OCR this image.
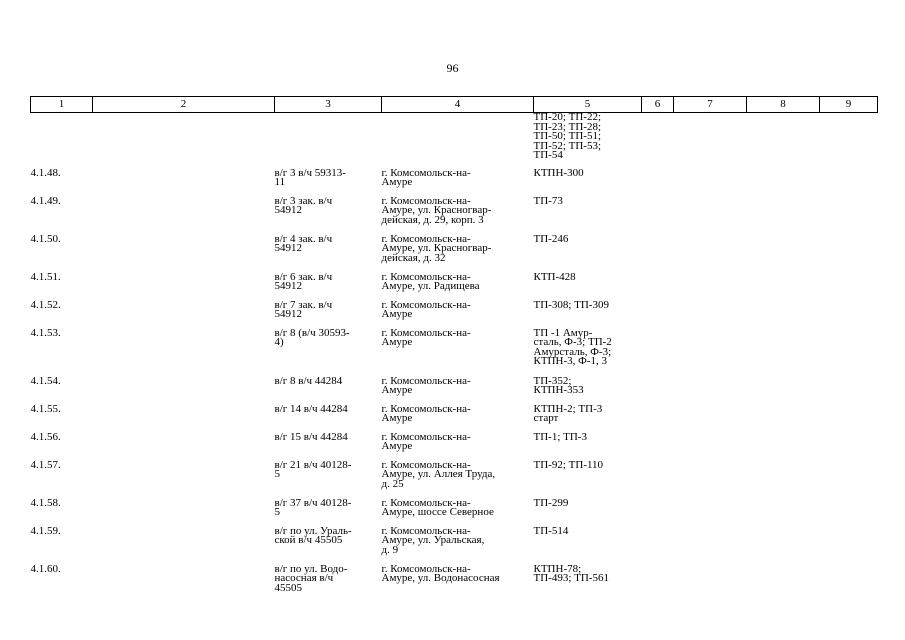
96
1	2	3	4	5	6	7	8	9
				ТП-20; ТП-22;
ТП-23; ТП-28;
ТП-50; ТП-51;
ТП-52; ТП-53;
ТП-54				
4.1.48.		в/г 3 в/ч 59313-
11	г. Комсомольск-на-
Амуре	КТПН-300				
4.1.49.		в/г 3 зак. в/ч
54912	г. Комсомольск-на-
Амуре, ул. Красногвар-
дейская, д. 29, корп. 3	ТП-73				
4.1.50.		в/г 4 зак. в/ч
54912	г. Комсомольск-на-
Амуре, ул. Красногвар-
дейская, д. 32	ТП-246				
4.1.51.		в/г 6 зак. в/ч
54912	г. Комсомольск-на-
Амуре, ул. Радищева	КТП-428				
4.1.52.		в/г 7 зак. в/ч
54912	г. Комсомольск-на-
Амуре	ТП-308; ТП-309				
4.1.53.		в/г 8 (в/ч 30593-
4)	г. Комсомольск-на-
Амуре	ТП -1 Амур-
сталь, Ф-3; ТП-2
Амурсталь, Ф-3;
КТПН-3, Ф-1, 3				
4.1.54.		в/г 8 в/ч 44284	г. Комсомольск-на-
Амуре	ТП-352;
КТПН-353				
4.1.55.		в/г 14 в/ч 44284	г. Комсомольск-на-
Амуре	КТПН-2; ТП-3
старт				
4.1.56.		в/г 15 в/ч 44284	г. Комсомольск-на-
Амуре	ТП-1; ТП-3				
4.1.57.		в/г 21 в/ч 40128-
5	г. Комсомольск-на-
Амуре, ул. Аллея Труда,
д. 25	ТП-92; ТП-110				
4.1.58.		в/г 37 в/ч 40128-
5	г. Комсомольск-на-
Амуре, шоссе Северное	ТП-299				
4.1.59.		в/г по ул. Ураль-
ской в/ч 45505	г. Комсомольск-на-
Амуре, ул. Уральская,
д. 9	ТП-514				
4.1.60.		в/г по ул. Водо-
насосная в/ч
45505	г. Комсомольск-на-
Амуре, ул. Водонасосная	КТПН-78;
ТП-493; ТП-561				
